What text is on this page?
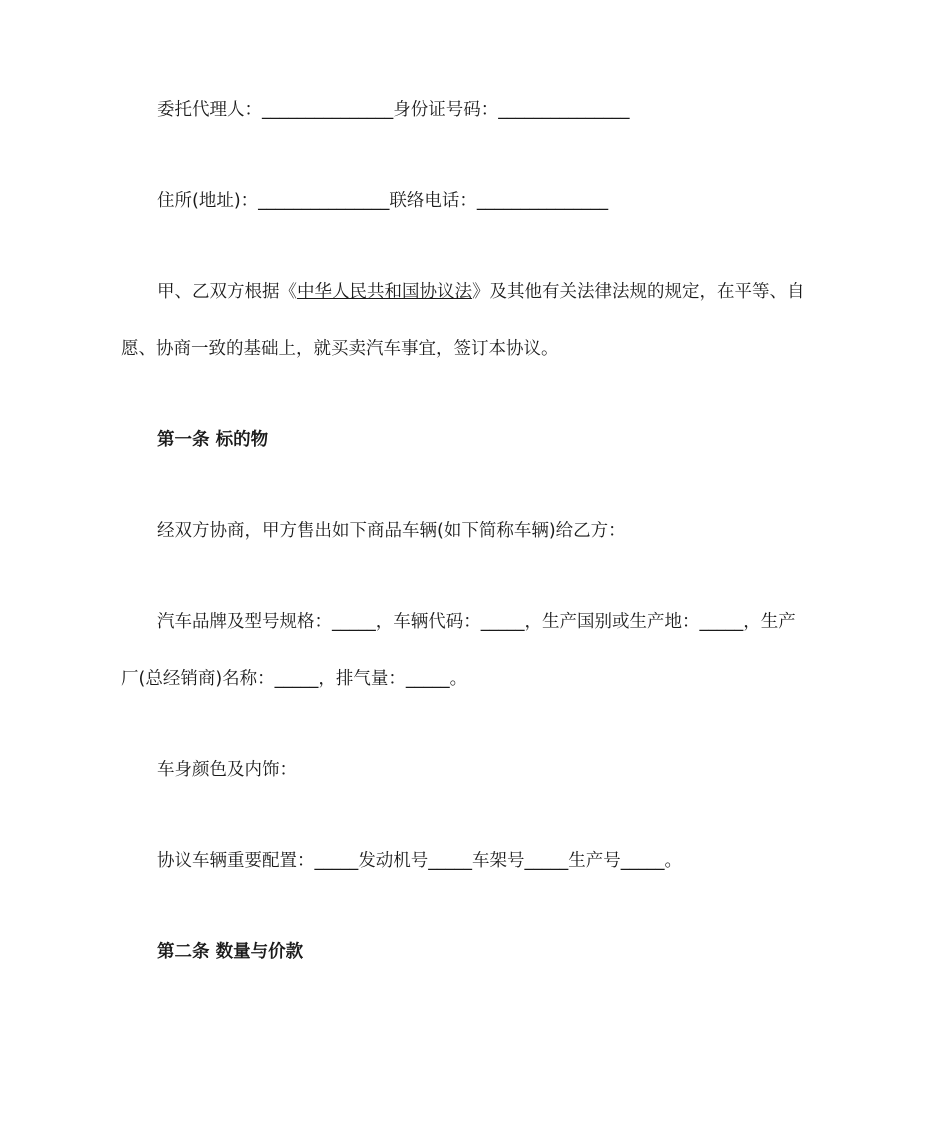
委托代理人：_______________身份证号码：_______________
住所(地址)：_______________联络电话：_______________
甲、乙双方根据《中华人民共和国协议法》及其他有关法律法规的规定，在平等、自
愿、协商一致的基础上，就买卖汽车事宜，签订本协议。
第一条 标的物
经双方协商，甲方售出如下商品车辆(如下简称车辆)给乙方：
汽车品牌及型号规格：_____，车辆代码：_____，生产国别或生产地：_____，生产
厂(总经销商)名称：_____，排气量：_____。
车身颜色及内饰：
协议车辆重要配置：_____发动机号_____车架号_____生产号_____。
第二条 数量与价款
